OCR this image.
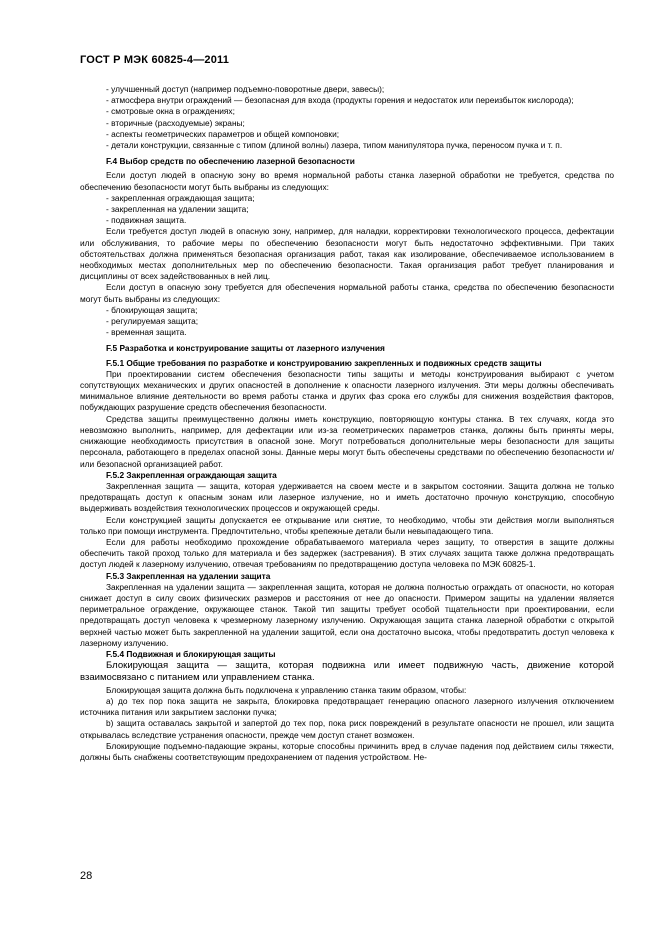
ГОСТ Р МЭК 60825-4—2011

- улучшенный доступ (например подъемно-поворотные двери, завесы);

- атмосфера внутри ограждений — безопасная для входа (продукты горения и недостаток или переизбыток кислорода);

- смотровые окна в ограждениях;

- вторичные (расходуемые) экраны;

- аспекты геометрических параметров и общей компоновки;

- детали конструкции, связанные с типом (длиной волны) лазера, типом манипулятора пучка, переносом пучка и т. п.

F.4 Выбор средств по обеспечению лазерной безопасности

Если доступ людей в опасную зону во время нормальной работы станка лазерной обработки не требуется, средства по обеспечению безопасности могут быть выбраны из следующих:

- закрепленная ограждающая защита;

- закрепленная на удалении защита;

- подвижная защита.

Если требуется доступ людей в опасную зону, например, для наладки, корректировки технологического процесса, дефектации или обслуживания, то рабочие меры по обеспечению безопасности могут быть недостаточно эффективными. При таких обстоятельствах должна применяться безопасная организация работ, такая как изолирование, обеспечиваемое использованием в необходимых местах дополнительных мер по обеспечению безопасности. Такая организация работ требует планирования и дисциплины от всех задействованных в ней лиц.

Если доступ в опасную зону требуется для обеспечения нормальной работы станка, средства по обеспечению безопасности могут быть выбраны из следующих:

- блокирующая защита;

- регулируемая защита;

- временная защита.

F.5 Разработка и конструирование защиты от лазерного излучения

F.5.1 Общие требования по разработке и конструированию закрепленных и подвижных средств защиты

При проектировании систем обеспечения безопасности типы защиты и методы конструирования выбирают с учетом сопутствующих механических и других опасностей в дополнение к опасности лазерного излучения. Эти меры должны обеспечивать минимальное влияние деятельности во время работы станка и других фаз срока его службы для снижения воздействия факторов, побуждающих разрушение средств обеспечения безопасности.

Средства защиты преимущественно должны иметь конструкцию, повторяющую контуры станка. В тех случаях, когда это невозможно выполнить, например, для дефектации или из-за геометрических параметров станка, должны быть приняты меры, снижающие необходимость присутствия в опасной зоне. Могут потребоваться дополнительные меры безопасности для защиты персонала, работающего в пределах опасной зоны. Данные меры могут быть обеспечены средствами по обеспечению безопасности и/или безопасной организацией работ.

F.5.2 Закрепленная ограждающая защита

Закрепленная защита — защита, которая удерживается на своем месте и в закрытом состоянии. Защита должна не только предотвращать доступ к опасным зонам или лазерное излучение, но и иметь достаточно прочную конструкцию, способную выдерживать воздействия технологических процессов и окружающей среды.

Если конструкцией защиты допускается ее открывание или снятие, то необходимо, чтобы эти действия могли выполняться только при помощи инструмента. Предпочтительно, чтобы крепежные детали были невыпадающего типа.

Если для работы необходимо прохождение обрабатываемого материала через защиту, то отверстия в защите должны обеспечить такой проход только для материала и без задержек (застревания). В этих случаях защита также должна предотвращать доступ людей к лазерному излучению, отвечая требованиям по предотвращению доступа человека по МЭК 60825-1.

F.5.3 Закрепленная на удалении защита

Закрепленная на удалении защита — закрепленная защита, которая не должна полностью ограждать от опасности, но которая снижает доступ в силу своих физических размеров и расстояния от нее до опасности. Примером защиты на удалении является периметральное ограждение, окружающее станок. Такой тип защиты требует особой тщательности при проектировании, если предотвращать доступ человека к чрезмерному лазерному излучению. Окружающая защита станка лазерной обработки с открытой верхней частью может быть закрепленной на удалении защитой, если она достаточно высока, чтобы предотвратить доступ человека к лазерному излучению.

F.5.4 Подвижная и блокирующая защиты

Блокирующая защита — защита, которая подвижна или имеет подвижную часть, движение которой взаимосвязано с питанием или управлением станка.

Блокирующая защита должна быть подключена к управлению станка таким образом, чтобы:

а) до тех пор пока защита не закрыта, блокировка предотвращает генерацию опасного лазерного излучения отключением источника питания или закрытием заслонки пучка;

b) защита оставалась закрытой и запертой до тех пор, пока риск повреждений в результате опасности не прошел, или защита открывалась вследствие устранения опасности, прежде чем доступ станет возможен.

Блокирующие подъемно-падающие экраны, которые способны причинить вред в случае падения под действием силы тяжести, должны быть снабжены соответствующим предохранением от падения устройством. Не-

28
